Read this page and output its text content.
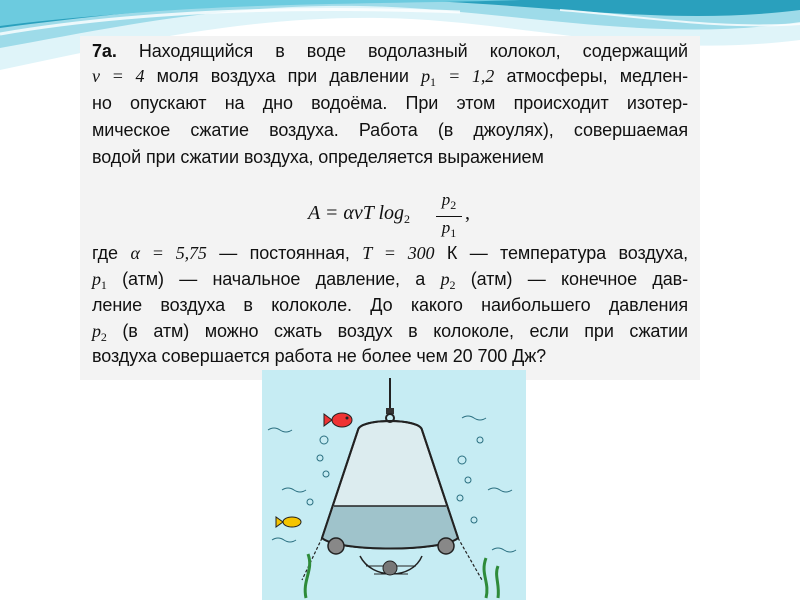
7а. Находящийся в воде водолазный колокол, содержащий
ν = 4 моля воздуха при давлении $p_1 = 1,2$ атмосферы, медлен-
но опускают на дно водоёма. При этом происходит изотер-
мическое сжатие воздуха. Работа (в джоулях), совершаемая
водой при сжатии воздуха, определяется выражением
A = ανT $\log_2$
$p_2$
$p_1$
,
где α = 5,75 — постоянная, T = 300 К — температура воздуха,
$p_1$ (атм) — начальное давление, а $p_2$ (атм) — конечное дав-
ление воздуха в колоколе. До какого наибольшего давления
$p_2$ (в атм) можно сжать воздух в колоколе, если при сжатии
воздуха совершается работа не более чем 20 700 Дж?
